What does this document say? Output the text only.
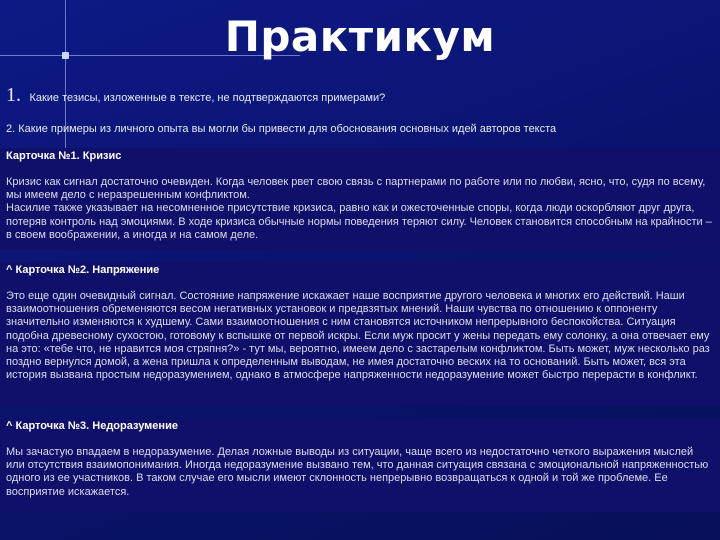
Практикум
1. Какие тезисы, изложенные в тексте, не подтверждаются примерами?
2. Какие примеры из личного опыта вы могли бы привести для обоснования основных идей авторов текста
Карточка №1. Кризис

Кризис как сигнал достаточно очевиден. Когда человек рвет свою связь с партнерами по работе или по любви, ясно, что, судя по всему, мы имеем дело с неразрешенным конфликтом.

Насилие также указывает на несомненное присутствие кризиса, равно как и ожесточенные споры, когда люди оскорбляют друг друга, потеряв контроль над эмоциями. В ходе кризиса обычные нормы поведения теряют силу. Человек становится способным на крайности – в своем воображении, а иногда и на самом деле.

^ Карточка №2. Напряжение

Это еще один очевидный сигнал. Состояние напряжение искажает наше восприятие другого человека и многих его действий. Наши взаимоотношения обременяются весом негативных установок и предвзятых мнений. Наши чувства по отношению к оппоненту значительно изменяются к худшему. Сами взаимоотношения с ним становятся источником непрерывного беспокойства. Ситуация подобна древесному сухостою, готовому к вспышке от первой искры. Если муж просит у жены передать ему солонку, а она отвечает ему на это: «тебе что, не нравится моя стряпня?» - тут мы, вероятно, имеем дело с застарелым конфликтом. Быть может, муж несколько раз поздно вернулся домой, а жена пришла к определенным выводам, не имея достаточно веских на то оснований. Быть может, вся эта история вызвана простым недоразумением, однако в атмосфере напряженности недоразумение может быстро перерасти в конфликт.

^ Карточка №3. Недоразумение

Мы зачастую впадаем в недоразумение. Делая ложные выводы из ситуации, чаще всего из недостаточно четкого выражения мыслей или отсутствия взаимопонимания. Иногда недоразумение вызвано тем, что данная ситуация связана с эмоциональной напряженностью одного из ее участников. В таком случае его мысли имеют склонность непрерывно возвращаться к одной и той же проблеме. Ее восприятие искажается.
